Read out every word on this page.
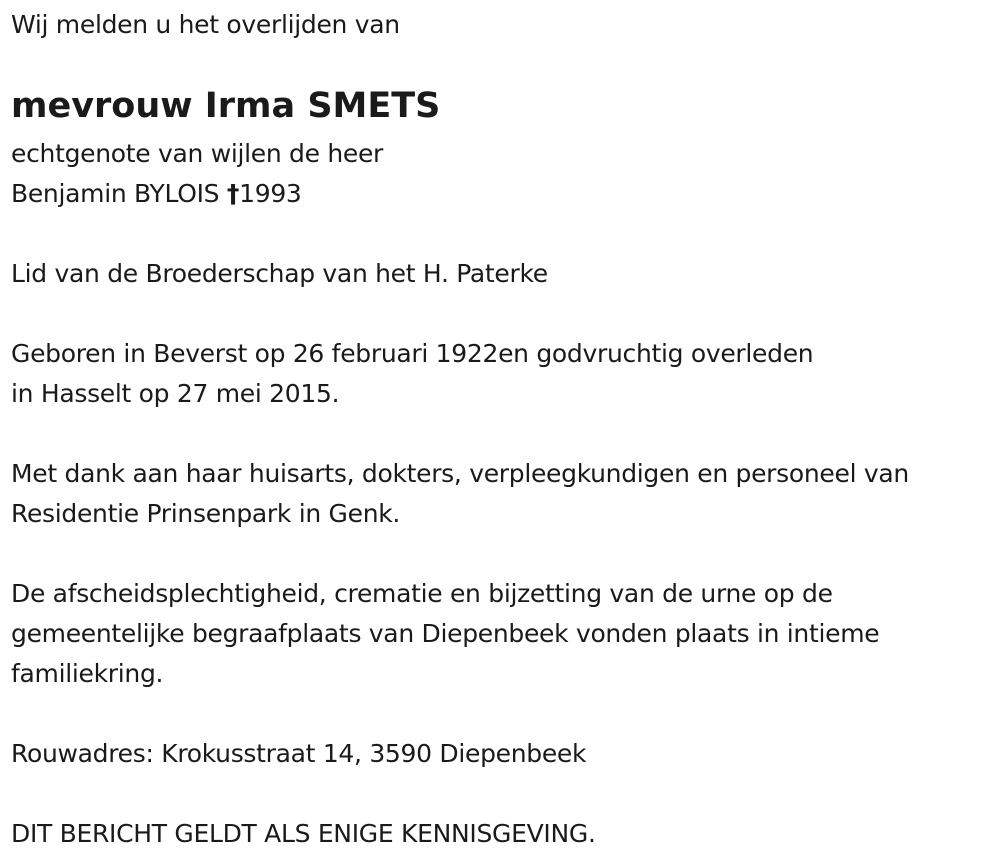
Wij melden u het overlijden van
mevrouw Irma SMETS
echtgenote van wijlen de heer
Benjamin BYLOIS †1993
Lid van de Broederschap van het H. Paterke
Geboren in Beverst op 26 februari 1922en godvruchtig overleden
in Hasselt op 27 mei 2015.
Met dank aan haar huisarts, dokters, verpleegkundigen en personeel van
Residentie Prinsenpark in Genk.
De afscheidsplechtigheid, crematie en bijzetting van de urne op de
gemeentelijke begraafplaats van Diepenbeek vonden plaats in intieme
familiekring.
Rouwadres: Krokusstraat 14, 3590 Diepenbeek
DIT BERICHT GELDT ALS ENIGE KENNISGEVING.
